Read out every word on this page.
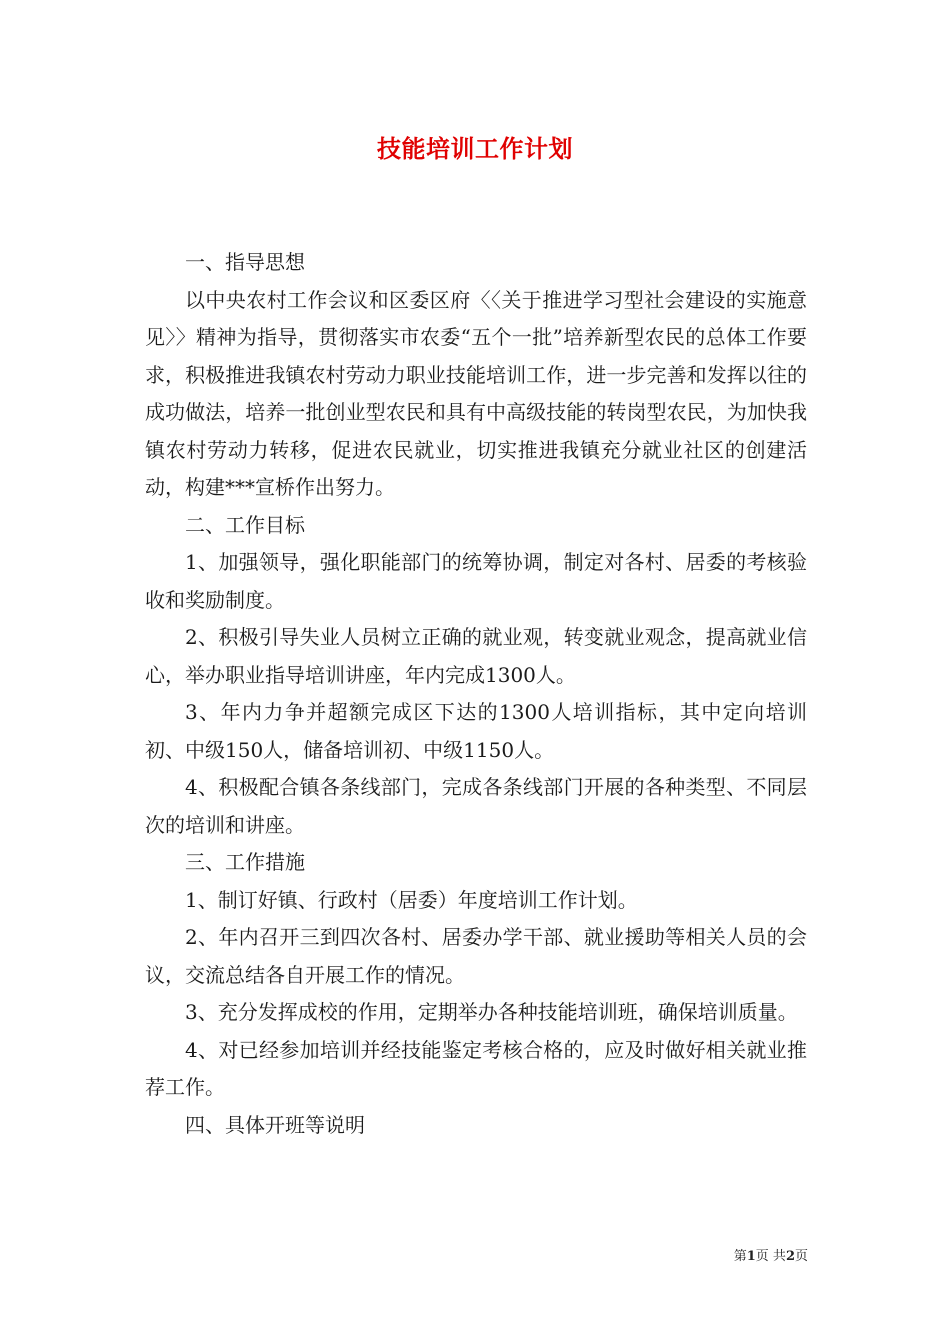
技能培训工作计划

一、指导思想

以中央农村工作会议和区委区府〈〈关于推进学习型社会建设的实施意见〉〉精神为指导，贯彻落实市农委“五个一批”培养新型农民的总体工作要求，积极推进我镇农村劳动力职业技能培训工作，进一步完善和发挥以往的成功做法，培养一批创业型农民和具有中高级技能的转岗型农民，为加快我镇农村劳动力转移，促进农民就业，切实推进我镇充分就业社区的创建活动，构建***宣桥作出努力。

二、工作目标

1、加强领导，强化职能部门的统筹协调，制定对各村、居委的考核验收和奖励制度。

2、积极引导失业人员树立正确的就业观，转变就业观念，提高就业信心，举办职业指导培训讲座，年内完成1300人。

3、年内力争并超额完成区下达的1300人培训指标，其中定向培训初、中级150人，储备培训初、中级1150人。

4、积极配合镇各条线部门，完成各条线部门开展的各种类型、不同层次的培训和讲座。

三、工作措施

1、制订好镇、行政村（居委）年度培训工作计划。

2、年内召开三到四次各村、居委办学干部、就业援助等相关人员的会议，交流总结各自开展工作的情况。

3、充分发挥成校的作用，定期举办各种技能培训班，确保培训质量。

4、对已经参加培训并经技能鉴定考核合格的，应及时做好相关就业推荐工作。

四、具体开班等说明

第1页 共2页
